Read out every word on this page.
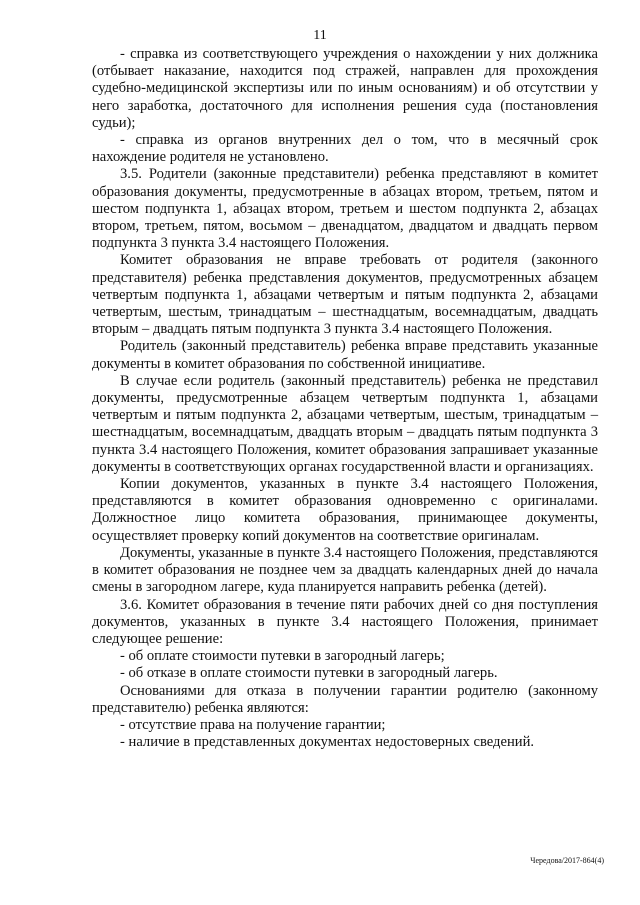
11

- справка из соответствующего учреждения о нахождении у них должника (отбывает наказание, находится под стражей, направлен для прохождения судебно-медицинской экспертизы или по иным основаниям) и об отсутствии у него заработка, достаточного для исполнения решения суда (постановления судьи);

- справка из органов внутренних дел о том, что в месячный срок нахождение родителя не установлено.

3.5. Родители (законные представители) ребенка представляют в комитет образования документы, предусмотренные в абзацах втором, третьем, пятом и шестом подпункта 1, абзацах втором, третьем и шестом подпункта 2, абзацах втором, третьем, пятом, восьмом – двенадцатом, двадцатом и двадцать первом подпункта 3 пункта 3.4 настоящего Положения.

Комитет образования не вправе требовать от родителя (законного представителя) ребенка представления документов, предусмотренных абзацем четвертым подпункта 1, абзацами четвертым и пятым подпункта 2, абзацами четвертым, шестым, тринадцатым – шестнадцатым, восемнадцатым, двадцать вторым – двадцать пятым подпункта 3 пункта 3.4 настоящего Положения.

Родитель (законный представитель) ребенка вправе представить указанные документы в комитет образования по собственной инициативе.

В случае если родитель (законный представитель) ребенка не представил документы, предусмотренные абзацем четвертым подпункта 1, абзацами четвертым и пятым подпункта 2, абзацами четвертым, шестым, тринадцатым – шестнадцатым, восемнадцатым, двадцать вторым – двадцать пятым подпункта 3 пункта 3.4 настоящего Положения, комитет образования запрашивает указанные документы в соответствующих органах государственной власти и организациях.

Копии документов, указанных в пункте 3.4 настоящего Положения, представляются в комитет образования одновременно с оригиналами. Должностное лицо комитета образования, принимающее документы, осуществляет проверку копий документов на соответствие оригиналам.

Документы, указанные в пункте 3.4 настоящего Положения, представляются в комитет образования не позднее чем за двадцать календарных дней до начала смены в загородном лагере, куда планируется направить ребенка (детей).

3.6. Комитет образования в течение пяти рабочих дней со дня поступления документов, указанных в пункте 3.4 настоящего Положения, принимает следующее решение:

- об оплате стоимости путевки в загородный лагерь;

- об отказе в оплате стоимости путевки в загородный лагерь.

Основаниями для отказа в получении гарантии родителю (законному представителю) ребенка являются:

- отсутствие права на получение гарантии;

- наличие в представленных документах недостоверных сведений.

Чередова/2017-864(4)
